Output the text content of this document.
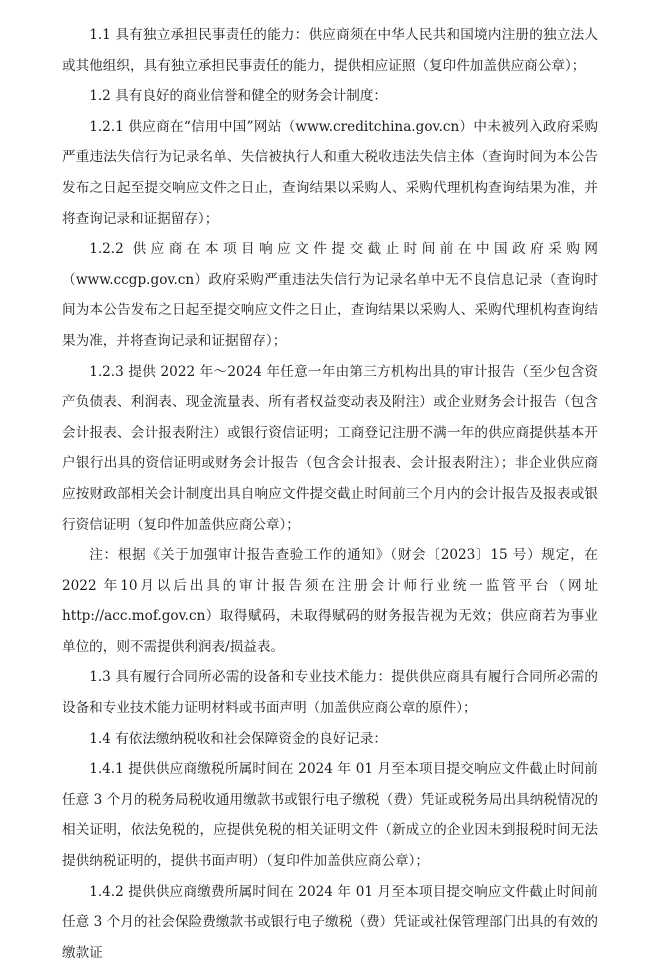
1.1 具有独立承担民事责任的能力：供应商须在中华人民共和国境内注册的独立法人或其他组织，具有独立承担民事责任的能力，提供相应证照（复印件加盖供应商公章）；

1.2 具有良好的商业信誉和健全的财务会计制度：

1.2.1 供应商在“信用中国”网站（www.creditchina.gov.cn）中未被列入政府采购严重违法失信行为记录名单、失信被执行人和重大税收违法失信主体（查询时间为本公告发布之日起至提交响应文件之日止，查询结果以采购人、采购代理机构查询结果为准，并将查询记录和证据留存）；

1.2.2 供应商在本项目响应文件提交截止时间前在中国政府采购网（www.ccgp.gov.cn）政府采购严重违法失信行为记录名单中无不良信息记录（查询时间为本公告发布之日起至提交响应文件之日止，查询结果以采购人、采购代理机构查询结果为准，并将查询记录和证据留存）；

1.2.3 提供 2022 年～2024 年任意一年由第三方机构出具的审计报告（至少包含资产负债表、利润表、现金流量表、所有者权益变动表及附注）或企业财务会计报告（包含会计报表、会计报表附注）或银行资信证明；工商登记注册不满一年的供应商提供基本开户银行出具的资信证明或财务会计报告（包含会计报表、会计报表附注）；非企业供应商应按财政部相关会计制度出具自响应文件提交截止时间前三个月内的会计报告及报表或银行资信证明（复印件加盖供应商公章）；

注：根据《关于加强审计报告查验工作的通知》（财会〔2023〕15 号）规定，在 2022 年10月以后出具的审计报告须在注册会计师行业统一监管平台（网址 http://acc.mof.gov.cn）取得赋码，未取得赋码的财务报告视为无效；供应商若为事业单位的，则不需提供利润表/损益表。

1.3 具有履行合同所必需的设备和专业技术能力：提供供应商具有履行合同所必需的设备和专业技术能力证明材料或书面声明（加盖供应商公章的原件）；

1.4 有依法缴纳税收和社会保障资金的良好记录：

1.4.1 提供供应商缴税所属时间在 2024 年 01 月至本项目提交响应文件截止时间前任意 3 个月的税务局税收通用缴款书或银行电子缴税（费）凭证或税务局出具纳税情况的相关证明，依法免税的，应提供免税的相关证明文件（新成立的企业因未到报税时间无法提供纳税证明的，提供书面声明）（复印件加盖供应商公章）；

1.4.2 提供供应商缴费所属时间在 2024 年 01 月至本项目提交响应文件截止时间前任意 3 个月的社会保险费缴款书或银行电子缴税（费）凭证或社保管理部门出具的有效的缴款证
